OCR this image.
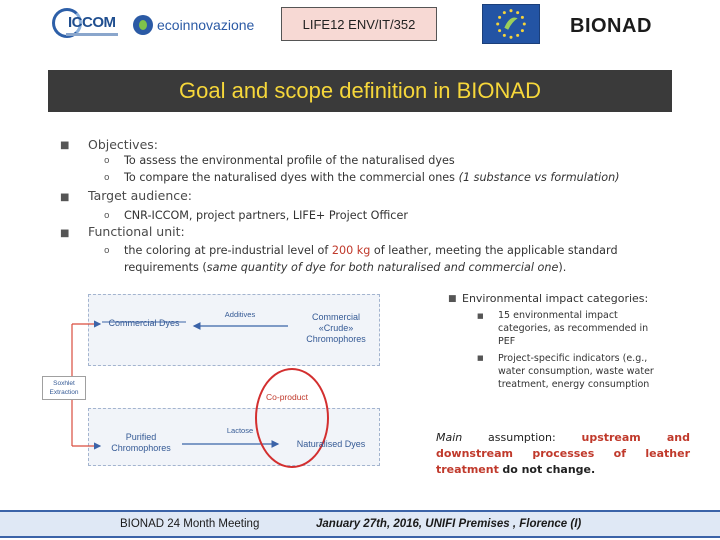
ICCOM	ecoinnovazione	LIFE12 ENV/IT/352	BIONAD
Goal and scope definition in BIONAD
■ Objectives:
o To assess the environmental profile of the naturalised dyes
o To compare the naturalised dyes with the commercial ones (1 substance vs formulation)
■ Target audience:
o CNR-ICCOM, project partners, LIFE+ Project Officer
■ Functional unit:
o the coloring at pre-industrial level of 200 kg of leather, meeting the applicable standard
requirements (same quantity of dye for both naturalised and commercial one).
Commercial Dyes
Additives	Commercial
«Crude»
Chromophores
Soxhlet
Extraction	Co-product
Lactose
Purified
Chromophores	Naturalised Dyes
■ Environmental impact categories:
■ 15 environmental impact categories, as recommended in PEF
■ Project-specific indicators (e.g., water consumption, waste water treatment, energy consumption
Main assumption: upstream and downstream processes of leather treatment do not change.
BIONAD 24 Month Meeting	January 27th, 2016, UNIFI Premises , Florence (I)
